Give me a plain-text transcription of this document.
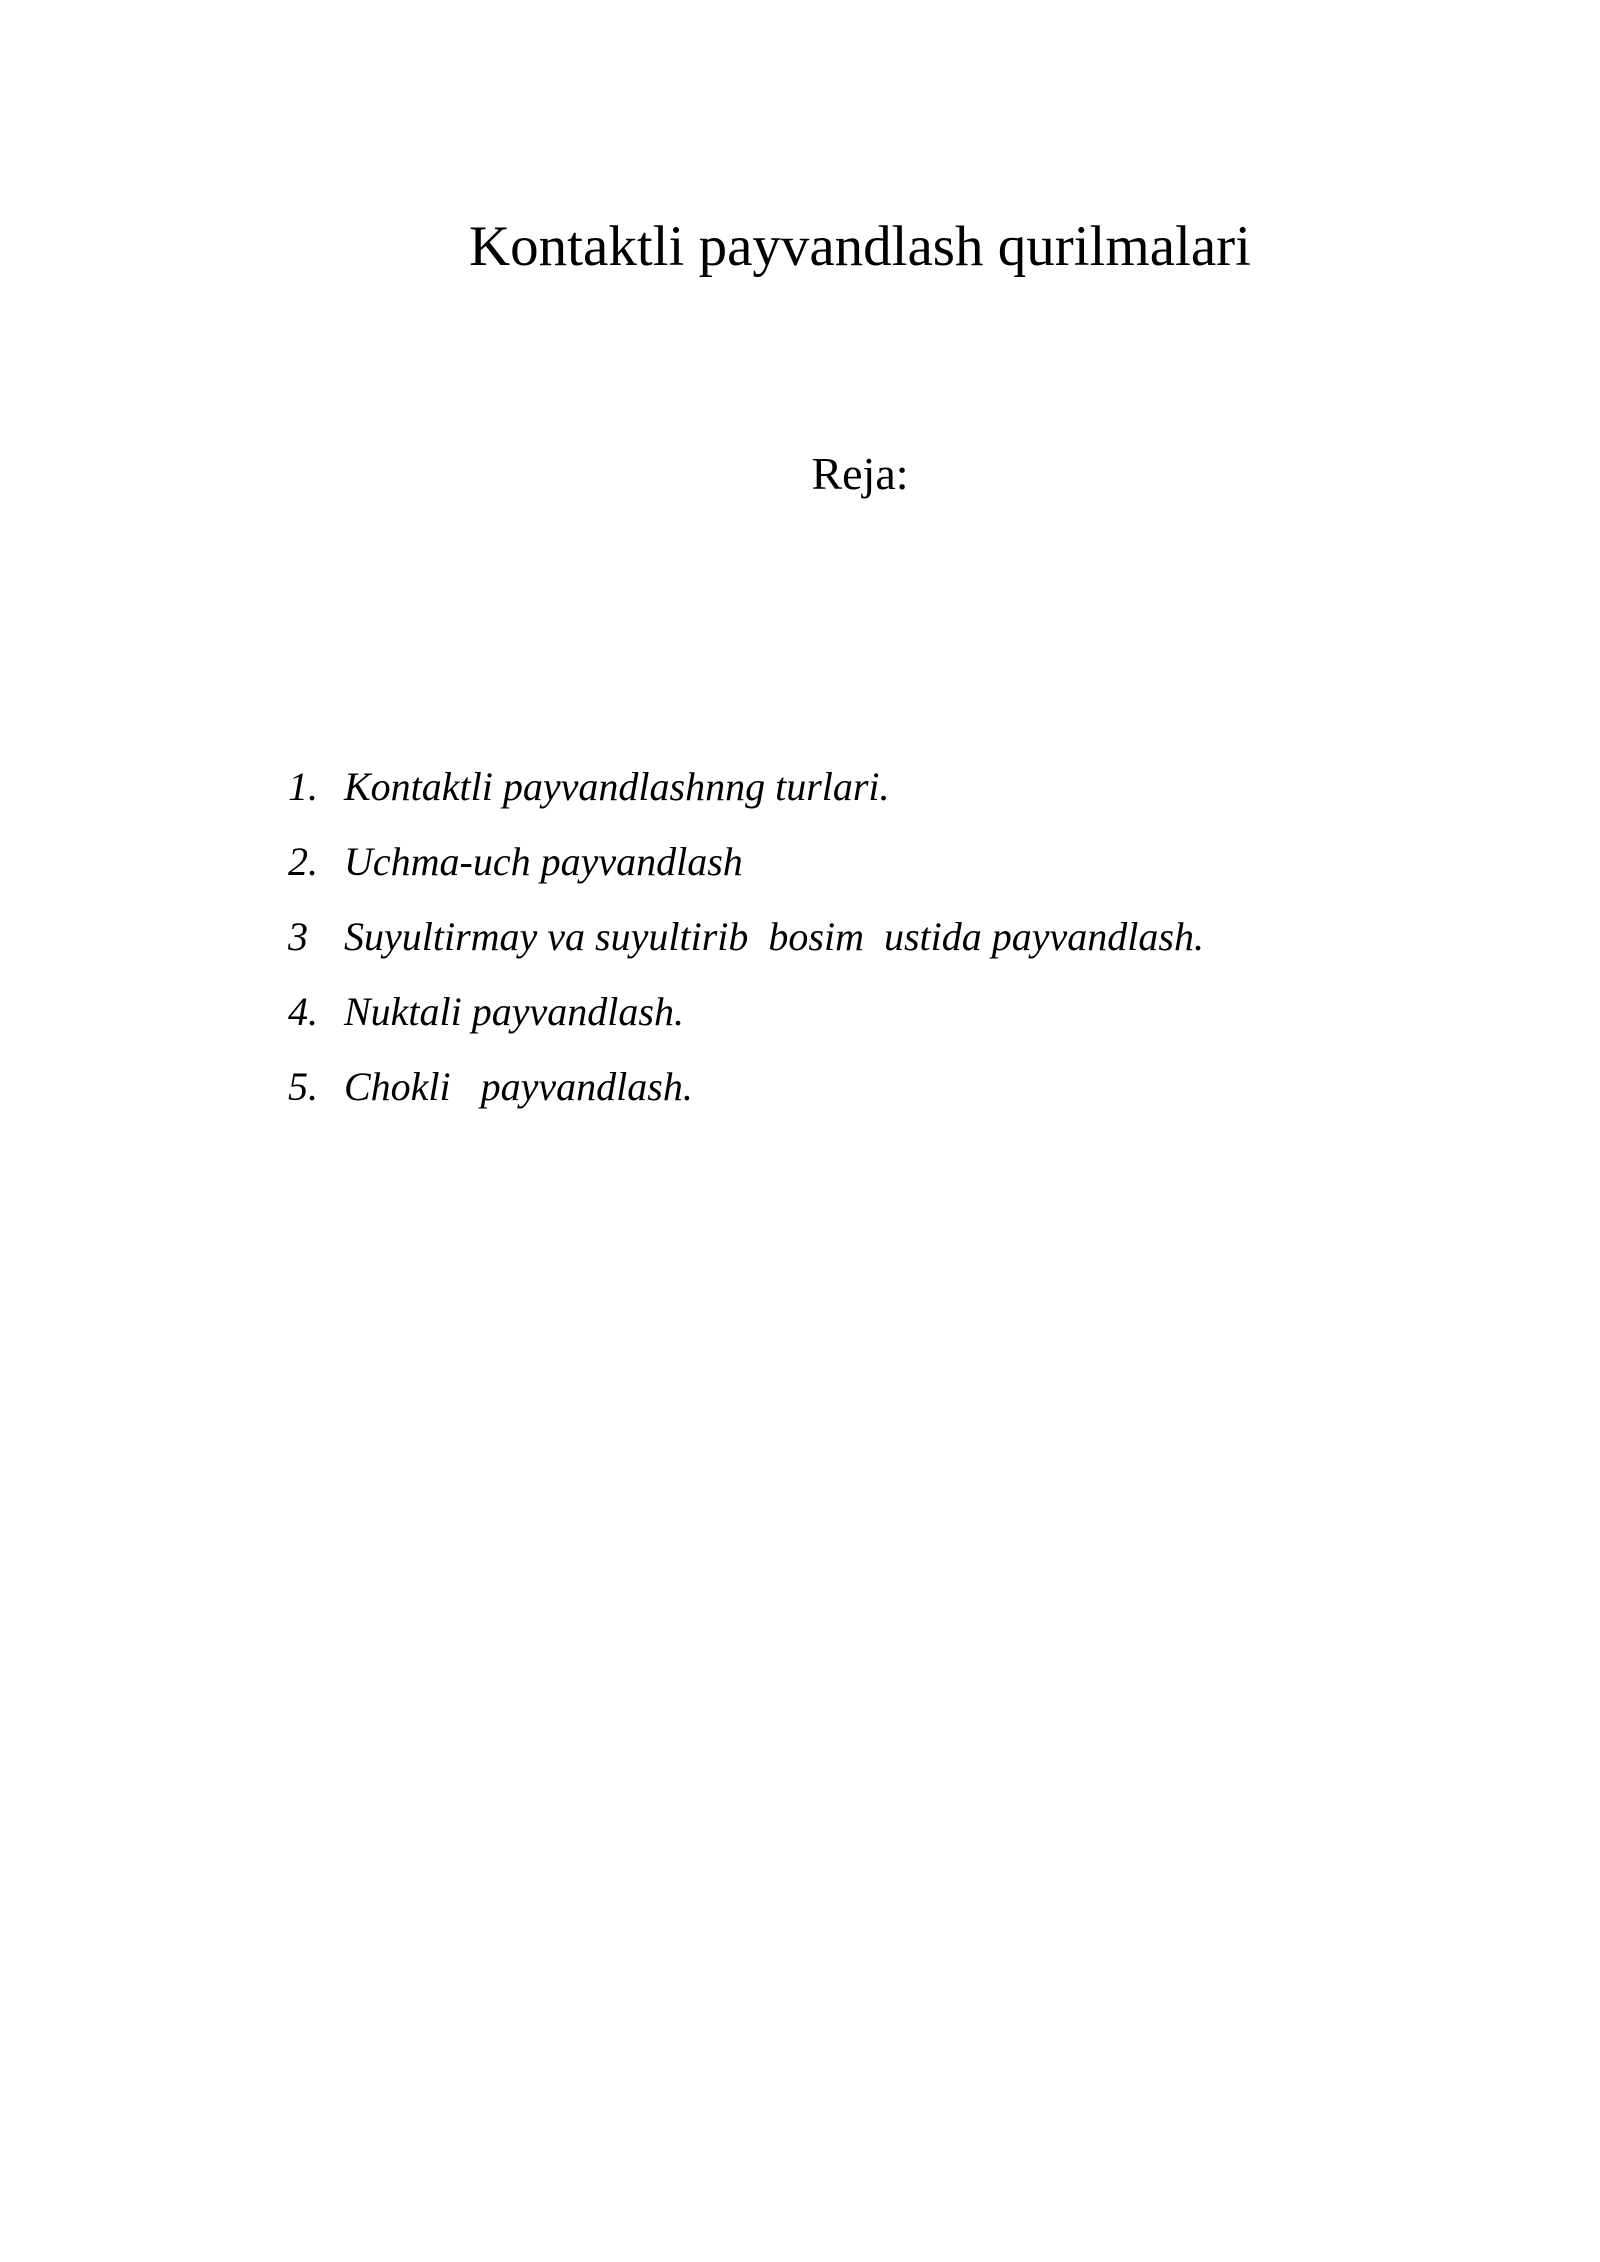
Kontaktli payvandlash qurilmalari
Reja:

1. Kontaktli payvandlashnng turlari.

2. Uchma-uch payvandlash

3 Suyultirmay va suyultirib  bosim  ustida payvandlash.

4. Nuktali payvandlash.

5. Chokli   payvandlash.
